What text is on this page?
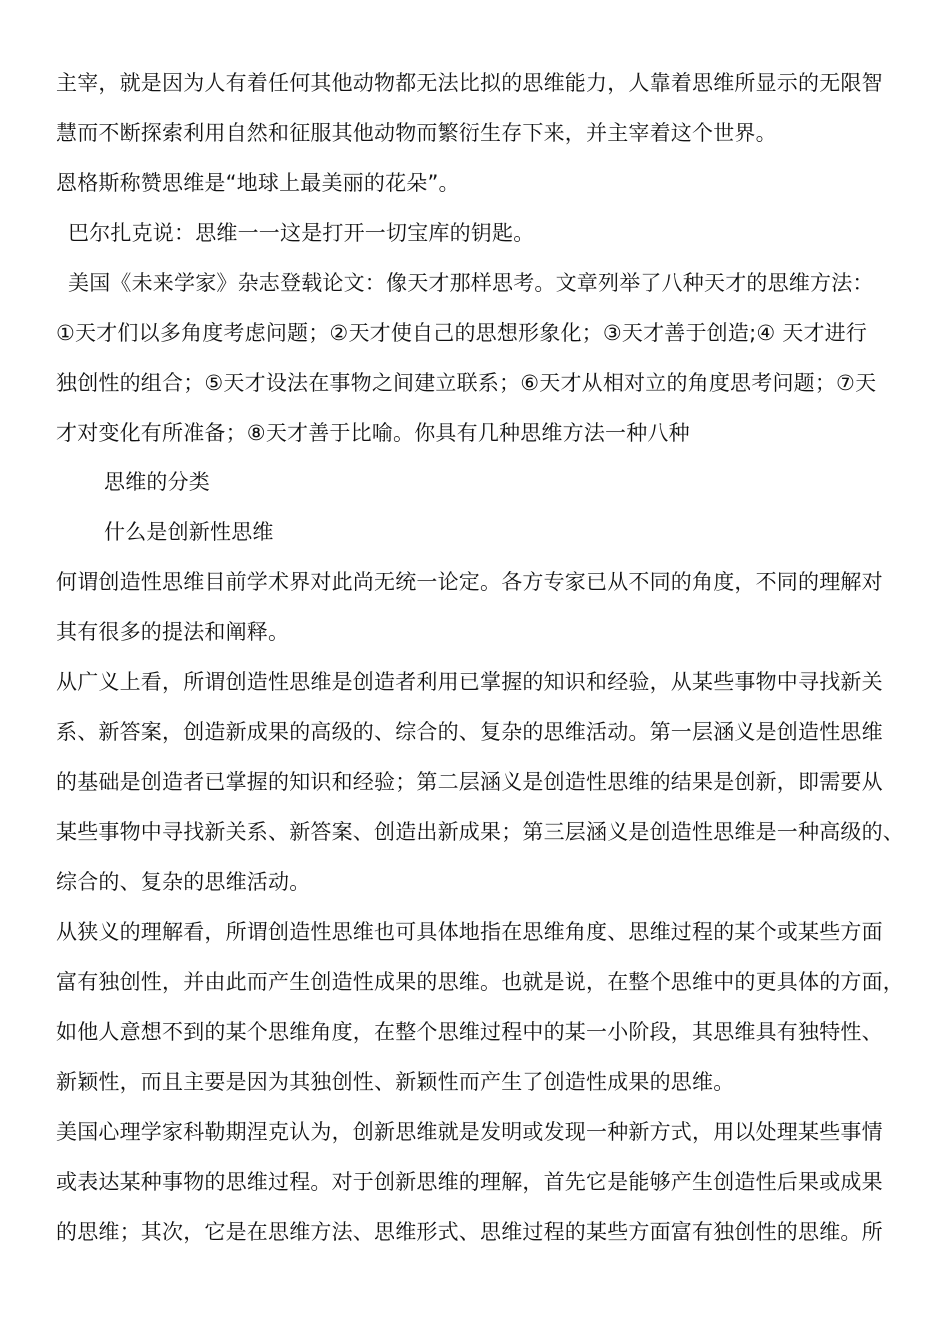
主宰，就是因为人有着任何其他动物都无法比拟的思维能力，人靠着思维所显示的无限智
慧而不断探索利用自然和征服其他动物而繁衍生存下来，并主宰着这个世界。
恩格斯称赞思维是“地球上最美丽的花朵”。
巴尔扎克说：思维一一这是打开一切宝库的钥匙。
美国《未来学家》杂志登载论文：像天才那样思考。文章列举了八种天才的思维方法：
①天才们以多角度考虑问题；②天才使自己的思想形象化；③天才善于创造;④ 天才进行
独创性的组合；⑤天才设法在事物之间建立联系；⑥天才从相对立的角度思考问题；⑦天
才对变化有所准备；⑧天才善于比喻。你具有几种思维方法一种八种
思维的分类
什么是创新性思维
何谓创造性思维目前学术界对此尚无统一论定。各方专家已从不同的角度，不同的理解对
其有很多的提法和阐释。
从广义上看，所谓创造性思维是创造者利用已掌握的知识和经验，从某些事物中寻找新关
系、新答案，创造新成果的高级的、综合的、复杂的思维活动。第一层涵义是创造性思维
的基础是创造者已掌握的知识和经验；第二层涵义是创造性思维的结果是创新，即需要从
某些事物中寻找新关系、新答案、创造出新成果；第三层涵义是创造性思维是一种高级的、
综合的、复杂的思维活动。
从狭义的理解看，所谓创造性思维也可具体地指在思维角度、思维过程的某个或某些方面
富有独创性，并由此而产生创造性成果的思维。也就是说，在整个思维中的更具体的方面，
如他人意想不到的某个思维角度，在整个思维过程中的某一小阶段，其思维具有独特性、
新颖性，而且主要是因为其独创性、新颖性而产生了创造性成果的思维。
美国心理学家科勒期涅克认为，创新思维就是发明或发现一种新方式，用以处理某些事情
或表达某种事物的思维过程。对于创新思维的理解，首先它是能够产生创造性后果或成果
的思维；其次，它是在思维方法、思维形式、思维过程的某些方面富有独创性的思维。所
